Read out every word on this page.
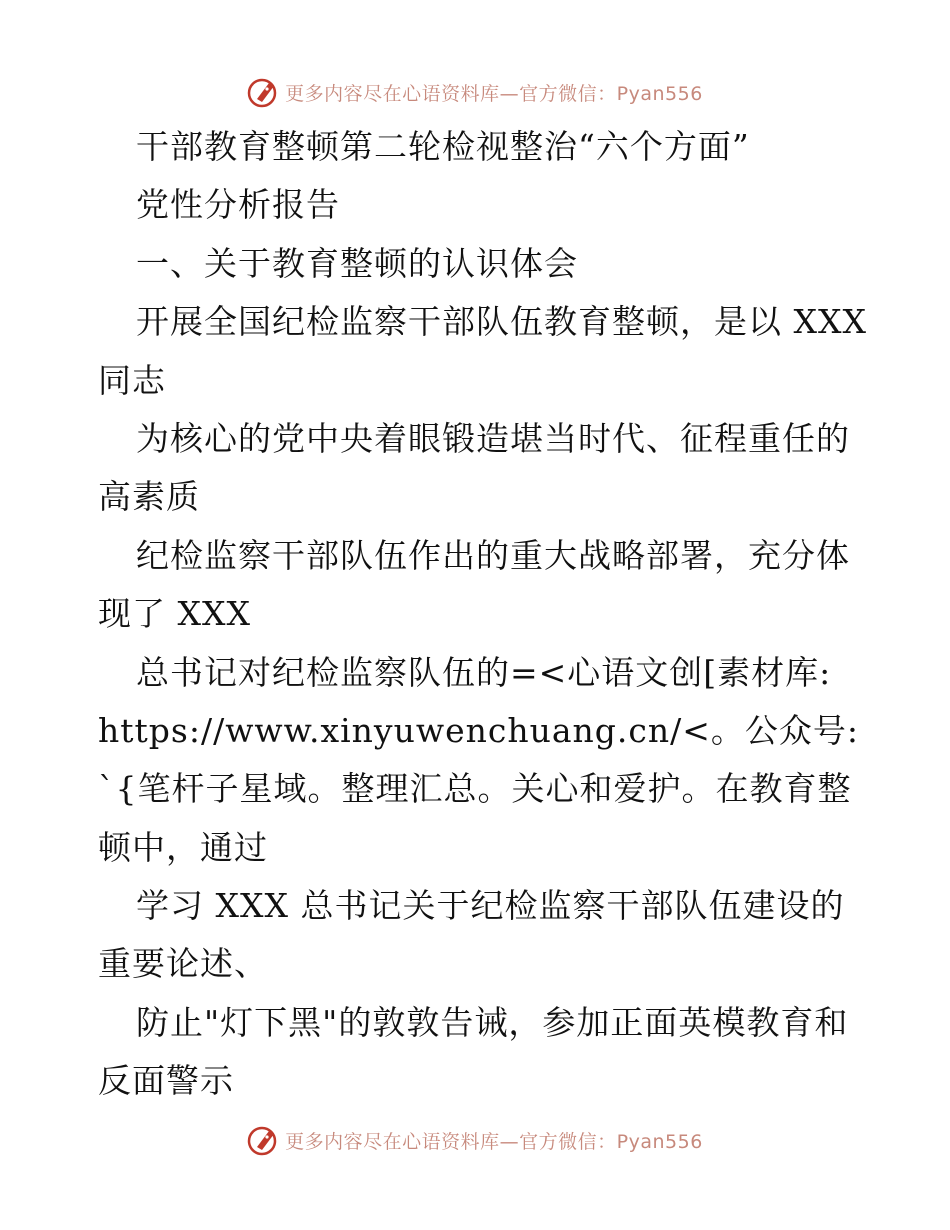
更多内容尽在心语资料库—官方微信：Pyan556
干部教育整顿第二轮检视整治“六个方面”
党性分析报告
一、关于教育整顿的认识体会
开展全国纪检监察干部队伍教育整顿，是以 XXX
同志
为核心的党中央着眼锻造堪当时代、征程重任的
高素质
纪检监察干部队伍作出的重大战略部署，充分体
现了 XXX
总书记对纪检监察队伍的=<心语文创[素材库:
https://www.xinyuwenchuang.cn/<。公众号:
`{笔杆子星域。整理汇总。关心和爱护。在教育整
顿中，通过
学习 XXX 总书记关于纪检监察干部队伍建设的
重要论述、
防止"灯下黑"的敦敦告诫，参加正面英模教育和
反面警示
更多内容尽在心语资料库—官方微信：Pyan556
